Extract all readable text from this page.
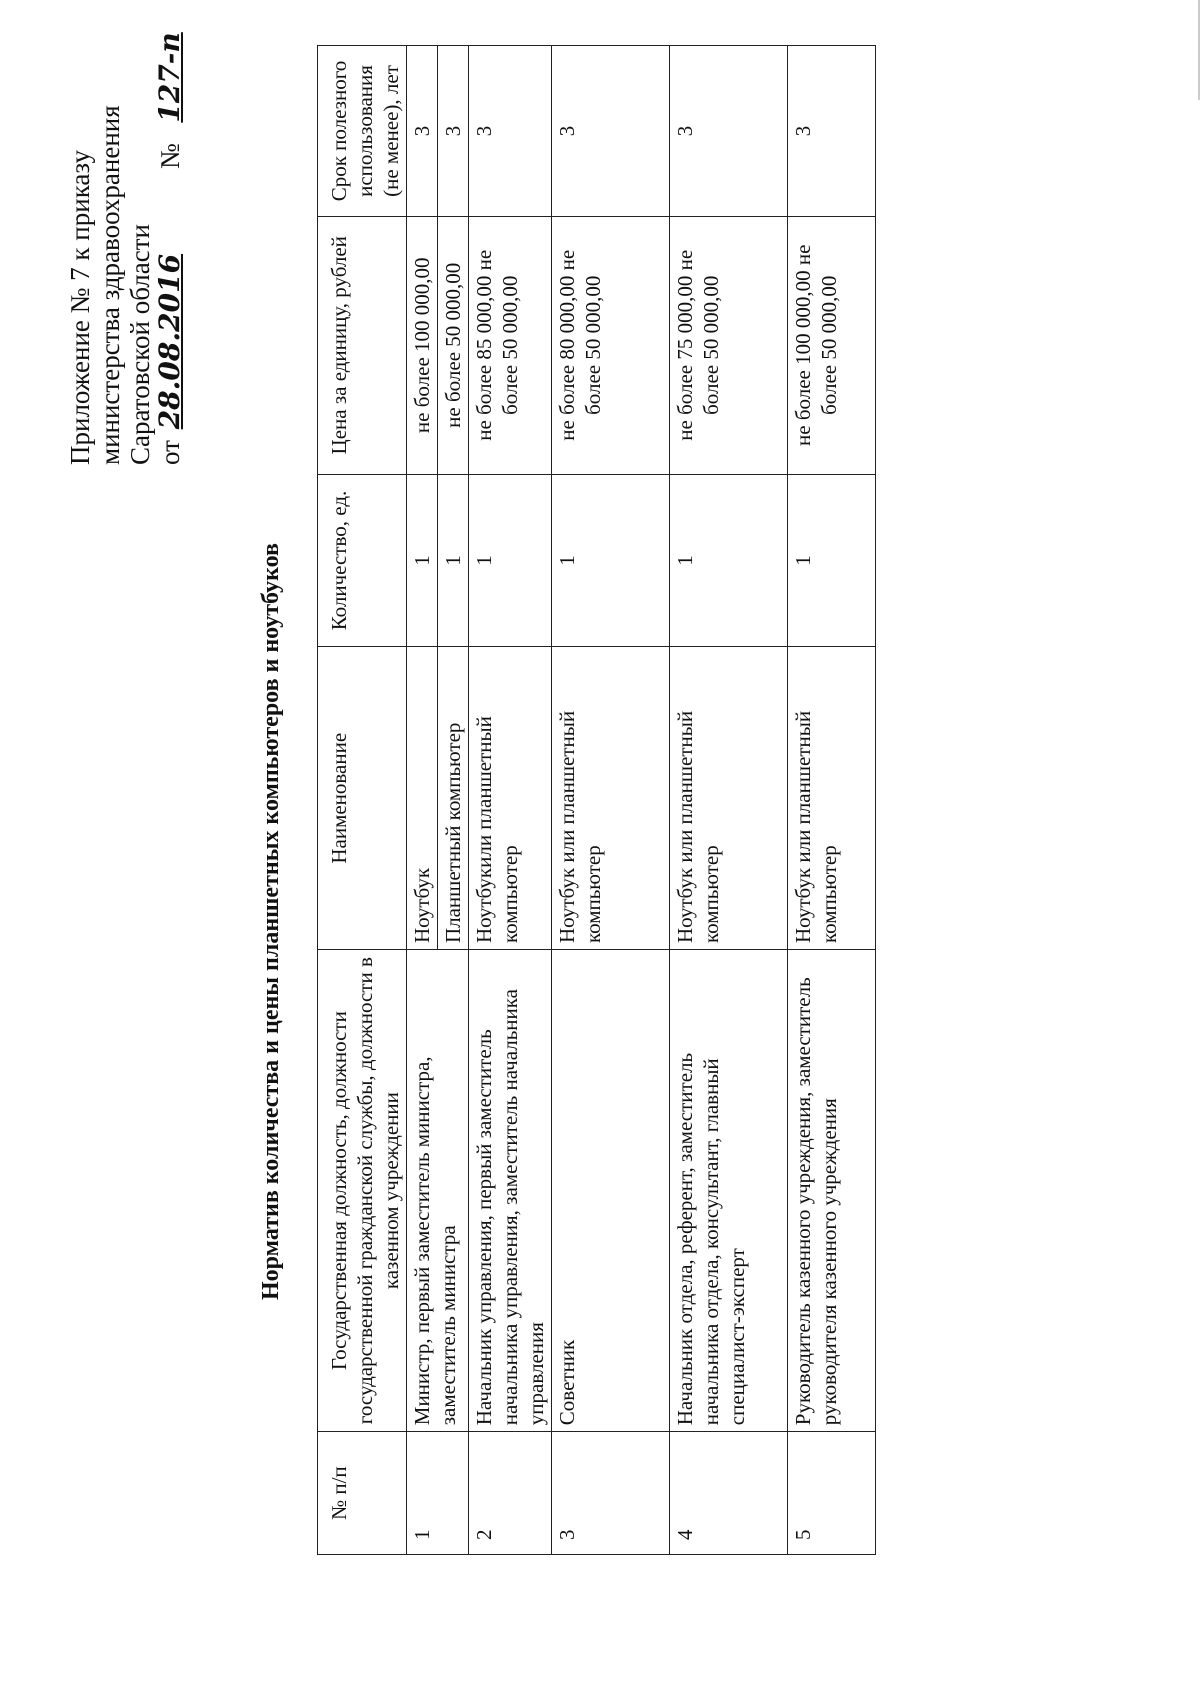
Приложение № 7 к приказу министерства здравоохранения Саратовской области от 28.08.2016            № 127-п
Норматив количества и цены планшетных компьютеров и ноутбуков
№ п/п	Государственная должность, должности государственной гражданской службы, должности в казенном учреждении	Наименование	Количество, ед.	Цена за единицу, рублей	Срок полезного использования (не менее), лет
1	Министр, первый заместитель министра, заместитель министра	Ноутбук	1	не более 100 000,00	3
		Планшетный компьютер	1	не более 50 000,00	3
2	Начальник управления, первый заместитель начальника управления, заместитель начальника управления	Ноутбукили планшетный компьютер	1	не более 85 000,00 не более 50 000,00	3
3	Советник	Ноутбук или планшетный компьютер	1	не более 80 000,00 не более 50 000,00	3
4	Начальник отдела, референт, заместитель начальника отдела, консультант, главный специалист-эксперт	Ноутбук или планшетный компьютер	1	не более 75 000,00 не более 50 000,00	3
5	Руководитель казенного учреждения, заместитель руководителя казенного учреждения	Ноутбук или планшетный компьютер	1	не более 100 000,00 не более 50 000,00	3
